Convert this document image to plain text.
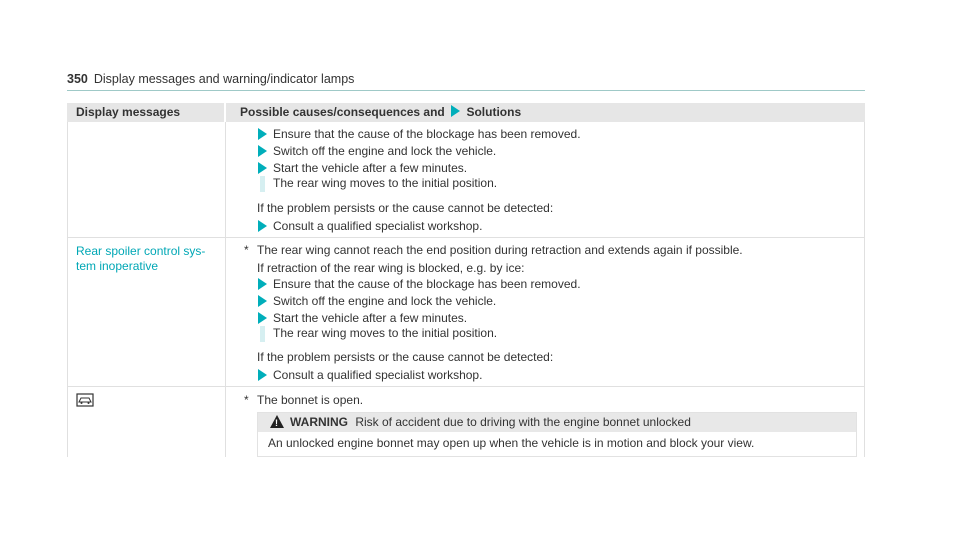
350 Display messages and warning/indicator lamps
Display messages	Possible causes/consequences and Solutions
Ensure that the cause of the blockage has been removed.
Switch off the engine and lock the vehicle.
Start the vehicle after a few minutes.
The rear wing moves to the initial position.
If the problem persists or the cause cannot be detected:
Consult a qualified specialist workshop.
Rear spoiler control sys-
tem inoperative
* The rear wing cannot reach the end position during retraction and extends again if possible.
If retraction of the rear wing is blocked, e.g. by ice:
Ensure that the cause of the blockage has been removed.
Switch off the engine and lock the vehicle.
Start the vehicle after a few minutes.
The rear wing moves to the initial position.
If the problem persists or the cause cannot be detected:
Consult a qualified specialist workshop.
* The bonnet is open.
! WARNING Risk of accident due to driving with the engine bonnet unlocked
An unlocked engine bonnet may open up when the vehicle is in motion and block your view.
